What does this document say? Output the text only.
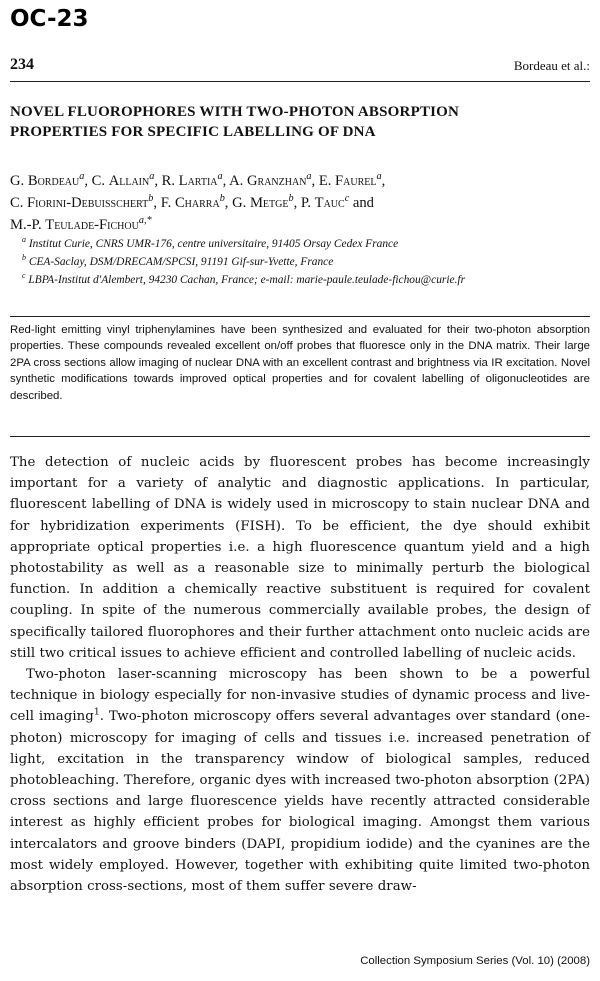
OC-23
234	Bordeau et al.:
NOVEL FLUOROPHORES WITH TWO-PHOTON ABSORPTION
PROPERTIES FOR SPECIFIC LABELLING OF DNA
G. Bordeau$^a$, C. Allain$^a$, R. Lartia$^a$, A. Granzhan$^a$, E. Faurel$^a$,
C. Fiorini-Debuisschert$^b$, F. Charra$^b$, G. Metge$^b$, P. Tauc$^c$ and
M.-P. Teulade-Fichou$^{a,*}$
$^a$ Institut Curie, CNRS UMR-176, centre universitaire, 91405 Orsay Cedex France
$^b$ CEA-Saclay, DSM/DRECAM/SPCSI, 91191 Gif-sur-Yvette, France
$^c$ LBPA-Institut d'Alembert, 94230 Cachan, France; e-mail: marie-paule.teulade-fichou@curie.fr
Red-light emitting vinyl triphenylamines have been synthesized and evaluated for their two-photon absorption properties. These compounds revealed excellent on/off probes that fluoresce only in the DNA matrix. Their large 2PA cross sections allow imaging of nuclear DNA with an excellent contrast and brightness via IR excitation. Novel synthetic modifications towards improved optical properties and for covalent labelling of oligonucleotides are described.

The detection of nucleic acids by fluorescent probes has become increasingly important for a variety of analytic and diagnostic applications. In particular, fluorescent labelling of DNA is widely used in microscopy to stain nuclear DNA and for hybridization experiments (FISH). To be efficient, the dye should exhibit appropriate optical properties i.e. a high fluorescence quantum yield and a high photostability as well as a reasonable size to minimally perturb the biological function. In addition a chemically reactive substituent is required for covalent coupling. In spite of the numerous commercially available probes, the design of specifically tailored fluorophores and their further attachment onto nucleic acids are still two critical issues to achieve efficient and controlled labelling of nucleic acids.

Two-photon laser-scanning microscopy has been shown to be a powerful technique in biology especially for non-invasive studies of dynamic process and live-cell imaging$^1$. Two-photon microscopy offers several advantages over standard (one-photon) microscopy for imaging of cells and tissues i.e. increased penetration of light, excitation in the transparency window of biological samples, reduced photobleaching. Therefore, organic dyes with increased two-photon absorption (2PA) cross sections and large fluorescence yields have recently attracted considerable interest as highly efficient probes for biological imaging. Amongst them various intercalators and groove binders (DAPI, propidium iodide) and the cyanines are the most widely employed. However, together with exhibiting quite limited two-photon absorption cross-sections, most of them suffer severe draw-

Collection Symposium Series (Vol. 10) (2008)
